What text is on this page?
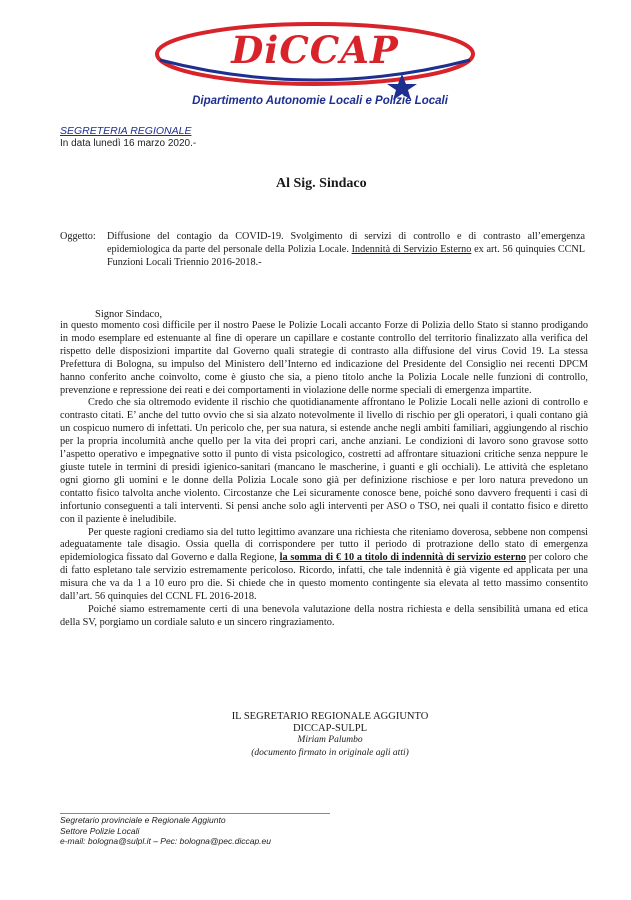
DiCCAP
Dipartimento Autonomie Locali e Polizie Locali
SEGRETERIA REGIONALE
In data lunedì 16 marzo 2020.-
Al Sig. Sindaco
Oggetto: Diffusione del contagio da COVID-19. Svolgimento di servizi di controllo e di contrasto all’emergenza epidemiologica da parte del personale della Polizia Locale. Indennità di Servizio Esterno ex art. 56 quinquies CCNL Funzioni Locali Triennio 2016-2018.-
Signor Sindaco,

in questo momento così difficile per il nostro Paese le Polizie Locali accanto Forze di Polizia dello Stato si stanno prodigando in modo esemplare ed estenuante al fine di operare un capillare e costante controllo del territorio finalizzato alla verifica del rispetto delle disposizioni impartite dal Governo quali strategie di contrasto alla diffusione del virus Covid 19. La stessa Prefettura di Bologna, su impulso del Ministero dell’Interno ed indicazione del Presidente del Consiglio nei recenti DPCM hanno conferito anche coinvolto, come è giusto che sia, a pieno titolo anche la Polizia Locale nelle funzioni di controllo, prevenzione e repressione dei reati e dei comportamenti in violazione delle norme speciali di emergenza impartite.

Credo che sia oltremodo evidente il rischio che quotidianamente affrontano le Polizie Locali nelle azioni di controllo e contrasto citati. E’ anche del tutto ovvio che si sia alzato notevolmente il livello di rischio per gli operatori, i quali contano già un cospicuo numero di infettati. Un pericolo che, per sua natura, si estende anche negli ambiti familiari, aggiungendo al rischio per la propria incolumità anche quello per la vita dei propri cari, anche anziani. Le condizioni di lavoro sono gravose sotto l’aspetto operativo e impegnative sotto il punto di vista psicologico, costretti ad affrontare situazioni critiche senza neppure le giuste tutele in termini di presidi igienico-sanitari (mancano le mascherine, i guanti e gli occhiali). Le attività che espletano ogni giorno gli uomini e le donne della Polizia Locale sono già per definizione rischiose e per loro natura prevedono un contatto fisico talvolta anche violento. Circostanze che Lei sicuramente conosce bene, poiché sono davvero frequenti i casi di infortunio conseguenti a tali interventi. Si pensi anche solo agli interventi per ASO o TSO, nei quali il contatto fisico e diretto con il paziente è ineludibile.

Per queste ragioni crediamo sia del tutto legittimo avanzare una richiesta che riteniamo doverosa, sebbene non compensi adeguatamente tale disagio. Ossia quella di corrispondere per tutto il periodo di protrazione dello stato di emergenza epidemiologica fissato dal Governo e dalla Regione, la somma di € 10 a titolo di indennità di servizio esterno per coloro che di fatto espletano tale servizio estremamente pericoloso. Ricordo, infatti, che tale indennità è già vigente ed applicata per una misura che va da 1 a 10 euro pro die. Si chiede che in questo momento contingente sia elevata al tetto massimo consentito dall’art. 56 quinquies del CCNL FL 2016-2018.

Poiché siamo estremamente certi di una benevola valutazione della nostra richiesta e della sensibilità umana ed etica della SV, porgiamo un cordiale saluto e un sincero ringraziamento.

IL SEGRETARIO REGIONALE AGGIUNTO
DICCAP-SULPL
Miriam Palumbo
(documento firmato in originale agli atti)
Segretario provinciale e Regionale Aggiunto
Settore Polizie Locali
e-mail: bologna@sulpl.it – Pec: bologna@pec.diccap.eu
